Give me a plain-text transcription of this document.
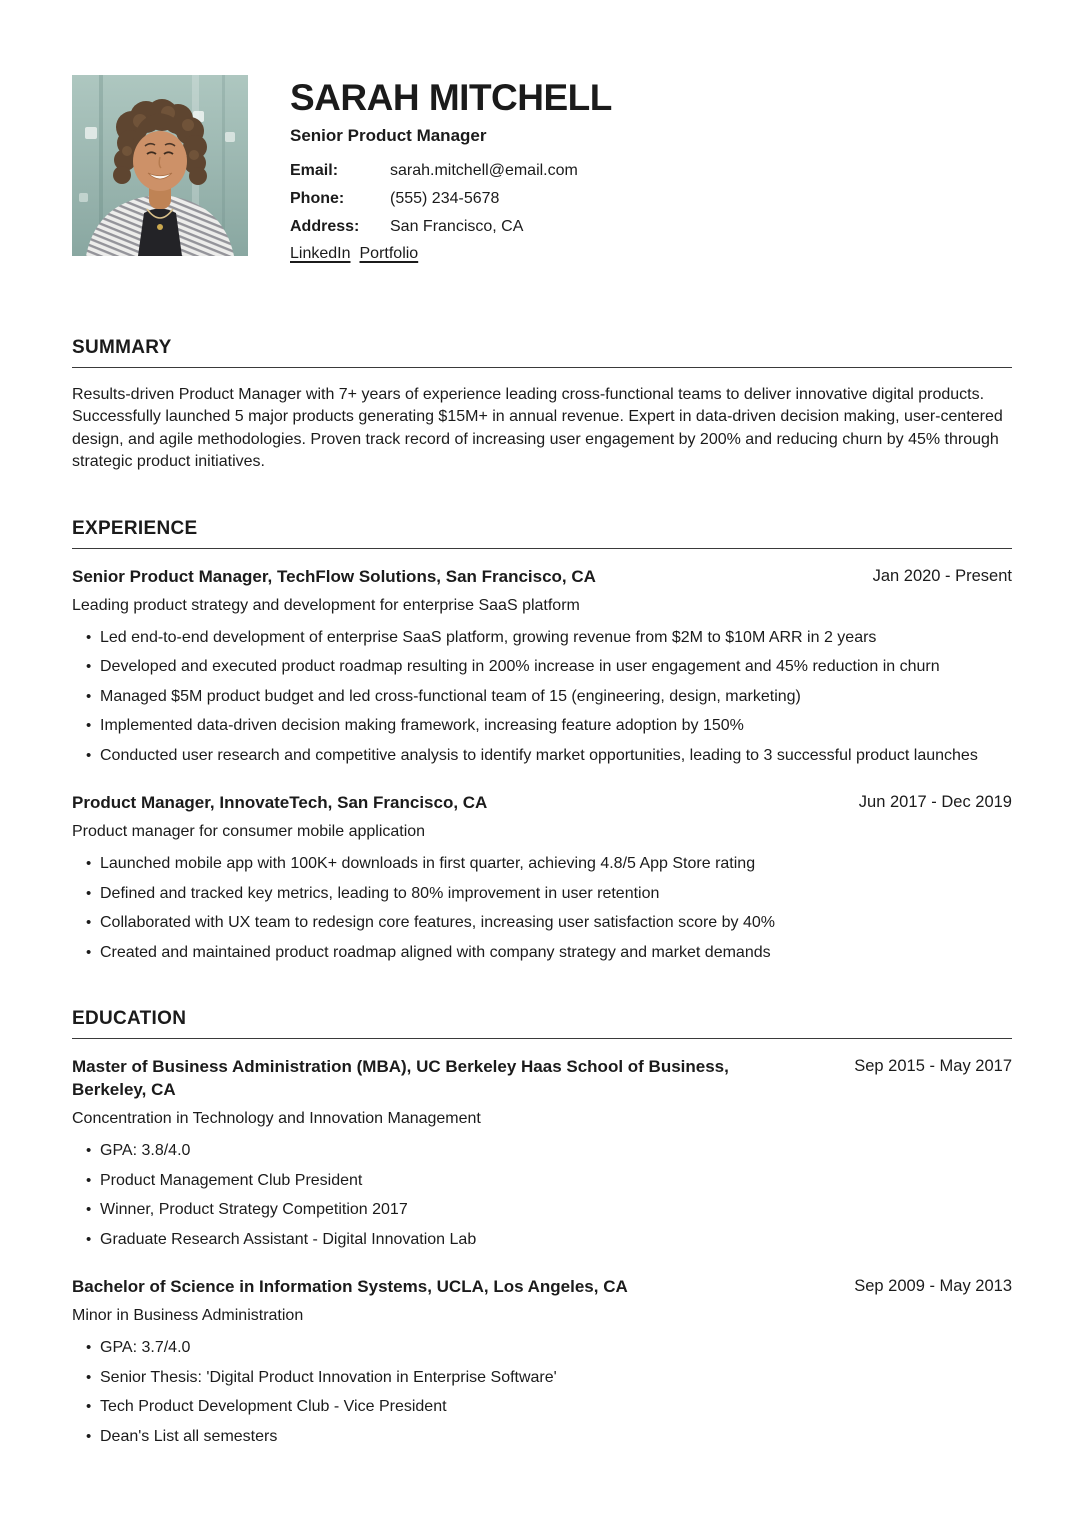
SARAH MITCHELL
Senior Product Manager
Email:	sarah.mitchell@email.com
Phone:	(555) 234-5678
Address: San Francisco, CA
LinkedIn Portfolio
SUMMARY

Results-driven Product Manager with 7+ years of experience leading cross-functional teams to deliver innovative digital products. Successfully launched 5 major products generating $15M+ in annual revenue. Expert in data-driven decision making, user-centered design, and agile methodologies. Proven track record of increasing user engagement by 200% and reducing churn by 45% through strategic product initiatives.

EXPERIENCE
Senior Product Manager, TechFlow Solutions, San Francisco, CA	Jan 2020 - Present

Leading product strategy and development for enterprise SaaS platform

• Led end-to-end development of enterprise SaaS platform, growing revenue from $2M to $10M ARR in 2 years
• Developed and executed product roadmap resulting in 200% increase in user engagement and 45% reduction in churn
• Managed $5M product budget and led cross-functional team of 15 (engineering, design, marketing)
• Implemented data-driven decision making framework, increasing feature adoption by 150%
• Conducted user research and competitive analysis to identify market opportunities, leading to 3 successful product launches
Product Manager, InnovateTech, San Francisco, CA	Jun 2017 - Dec 2019

Product manager for consumer mobile application

• Launched mobile app with 100K+ downloads in first quarter, achieving 4.8/5 App Store rating
• Defined and tracked key metrics, leading to 80% improvement in user retention
• Collaborated with UX team to redesign core features, increasing user satisfaction score by 40%
• Created and maintained product roadmap aligned with company strategy and market demands
EDUCATION
Master of Business Administration (MBA), UC Berkeley Haas School of Business, Berkeley, CA
Sep 2015 - May 2017

Concentration in Technology and Innovation Management

• GPA: 3.8/4.0
• Product Management Club President
• Winner, Product Strategy Competition 2017
• Graduate Research Assistant - Digital Innovation Lab
Bachelor of Science in Information Systems, UCLA, Los Angeles, CA	Sep 2009 - May 2013

Minor in Business Administration

• GPA: 3.7/4.0
• Senior Thesis: 'Digital Product Innovation in Enterprise Software'
• Tech Product Development Club - Vice President
• Dean's List all semesters
